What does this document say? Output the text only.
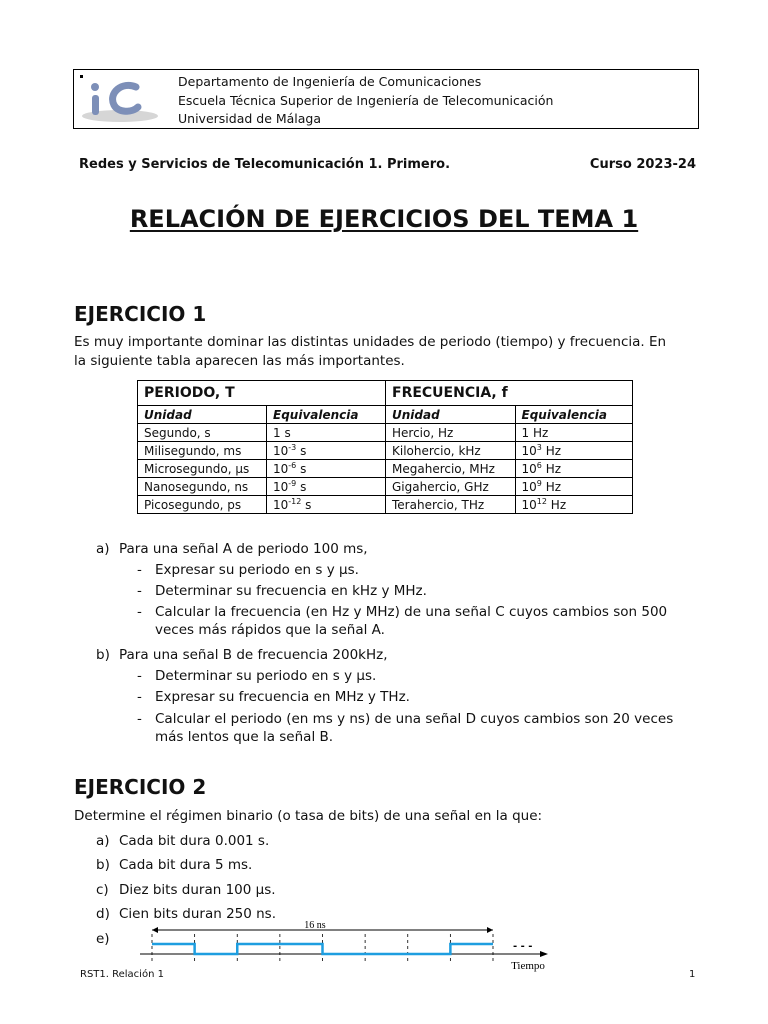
Departamento de Ingeniería de Comunicaciones
Escuela Técnica Superior de Ingeniería de Telecomunicación
Universidad de Málaga
Redes y Servicios de Telecomunicación 1. Primero.	Curso 2023-24
RELACIÓN DE EJERCICIOS DEL TEMA 1
EJERCICIO 1
Es muy importante dominar las distintas unidades de periodo (tiempo) y frecuencia. En
la siguiente tabla aparecen las más importantes.
PERIODO, T		FRECUENCIA, f	
Unidad	Equivalencia	Unidad	Equivalencia
Segundo, s	1 s	Hercio, Hz	1 Hz
Milisegundo, ms	$10^{-3}$ s	Kilohercio, kHz	$10^3$ Hz
Microsegundo, µs	$10^{-6}$ s	Megahercio, MHz	$10^6$ Hz
Nanosegundo, ns	$10^{-9}$ s	Gigahercio, GHz	$10^9$ Hz
Picosegundo, ps	$10^{-12}$ s	Terahercio, THz	$10^{12}$ Hz
a) Para una señal A de periodo 100 ms,
- Expresar su periodo en s y µs.
- Determinar su frecuencia en kHz y MHz.
- Calcular la frecuencia (en Hz y MHz) de una señal C cuyos cambios son 500
veces más rápidos que la señal A.
b) Para una señal B de frecuencia 200kHz,
- Determinar su periodo en s y µs.
- Expresar su frecuencia en MHz y THz.
- Calcular el periodo (en ms y ns) de una señal D cuyos cambios son 20 veces
más lentos que la señal B.
EJERCICIO 2
Determine el régimen binario (o tasa de bits) de una señal en la que:
a) Cada bit dura 0.001 s.
b) Cada bit dura 5 ms.
c) Diez bits duran 100 µs.
d) Cien bits duran 250 ns.
e)
16 ns
Tiempo
- - -
RST1. Relación 1	1
